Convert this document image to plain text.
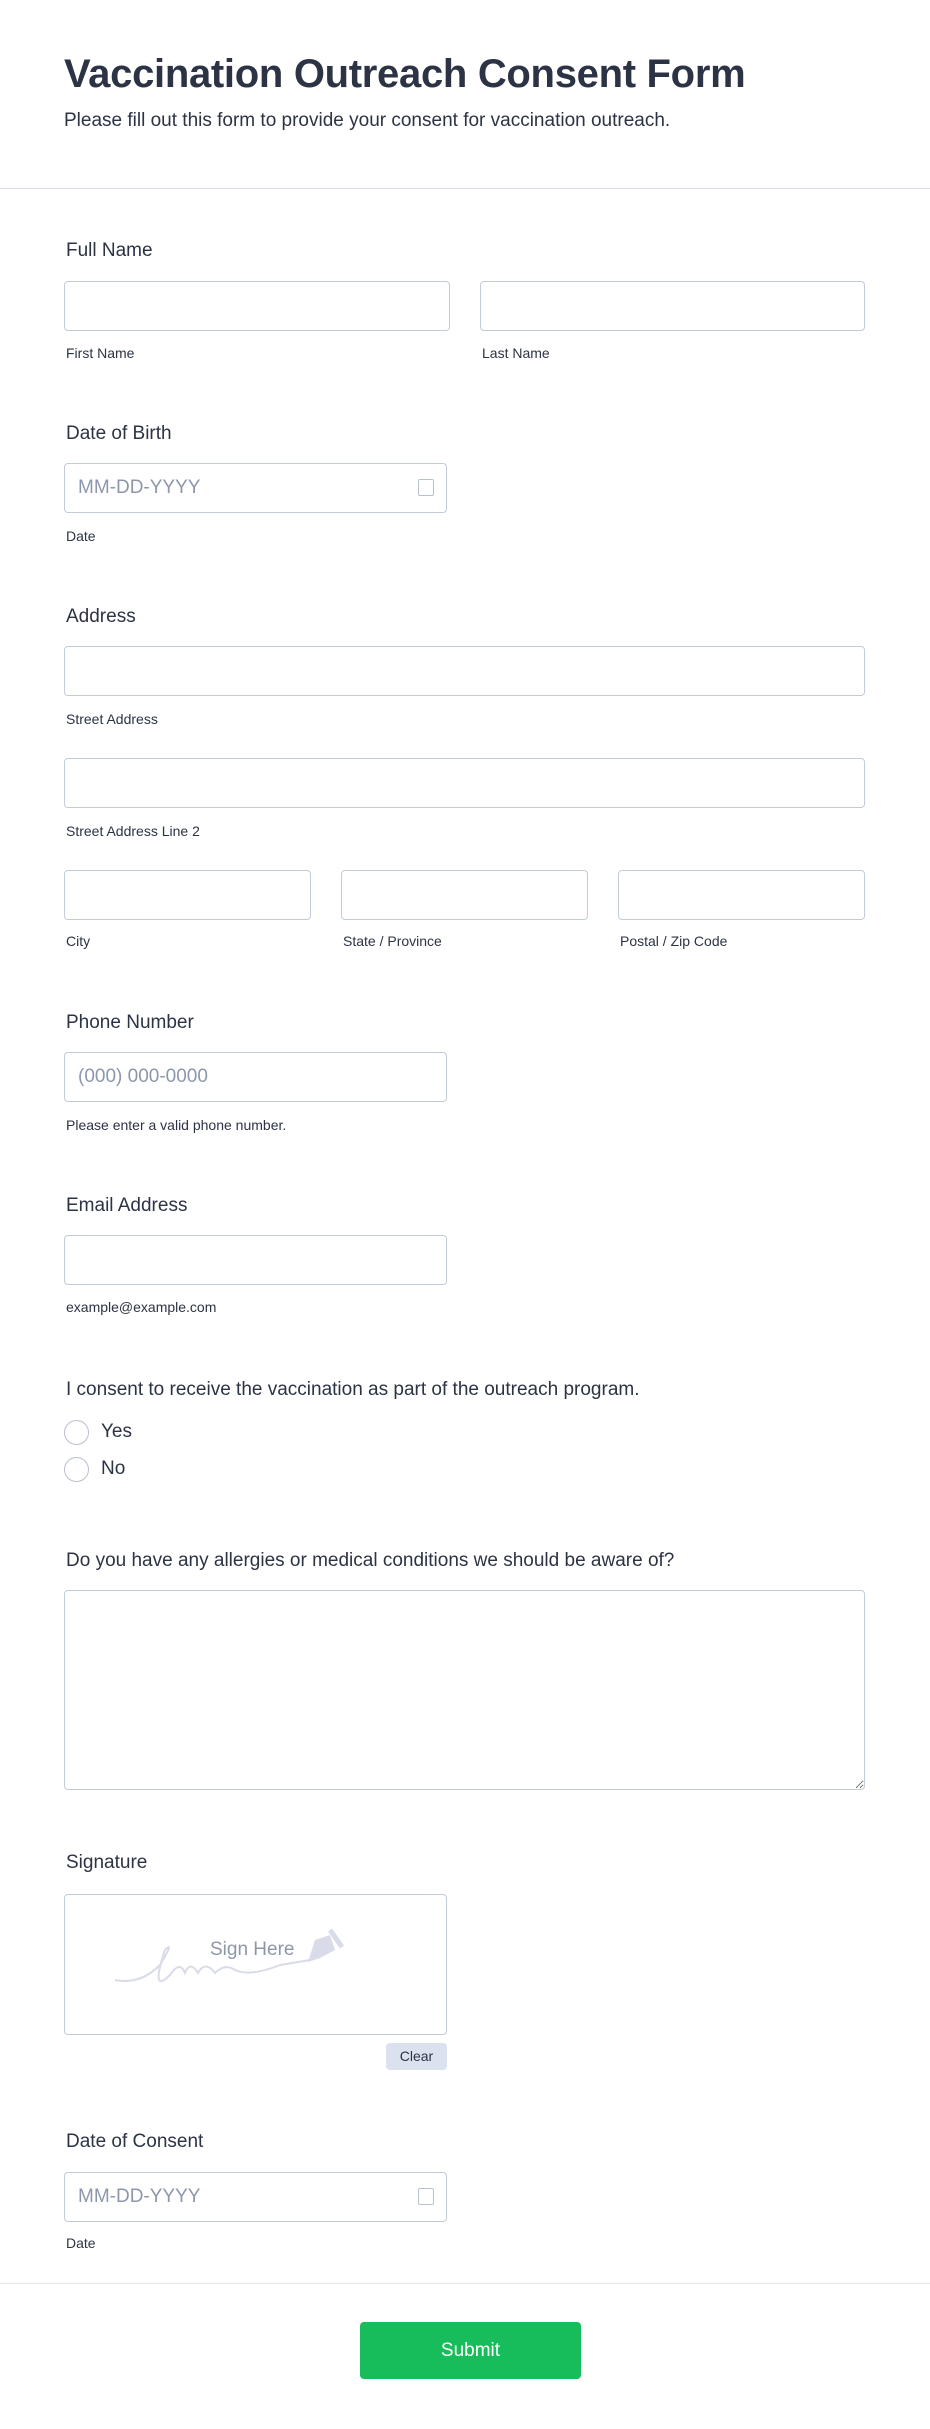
Vaccination Outreach Consent Form
Please fill out this form to provide your consent for vaccination outreach.
Full Name
First Name	Last Name
Date of Birth
MM-DD-YYYY
Date
Address
Street Address
Street Address Line 2
City	State / Province	Postal / Zip Code
Phone Number
(000) 000-0000
Please enter a valid phone number.
Email Address
example@example.com
I consent to receive the vaccination as part of the outreach program.
Yes
No
Do you have any allergies or medical conditions we should be aware of?
Signature
Sign Here
Clear
Date of Consent
MM-DD-YYYY
Date
Submit
